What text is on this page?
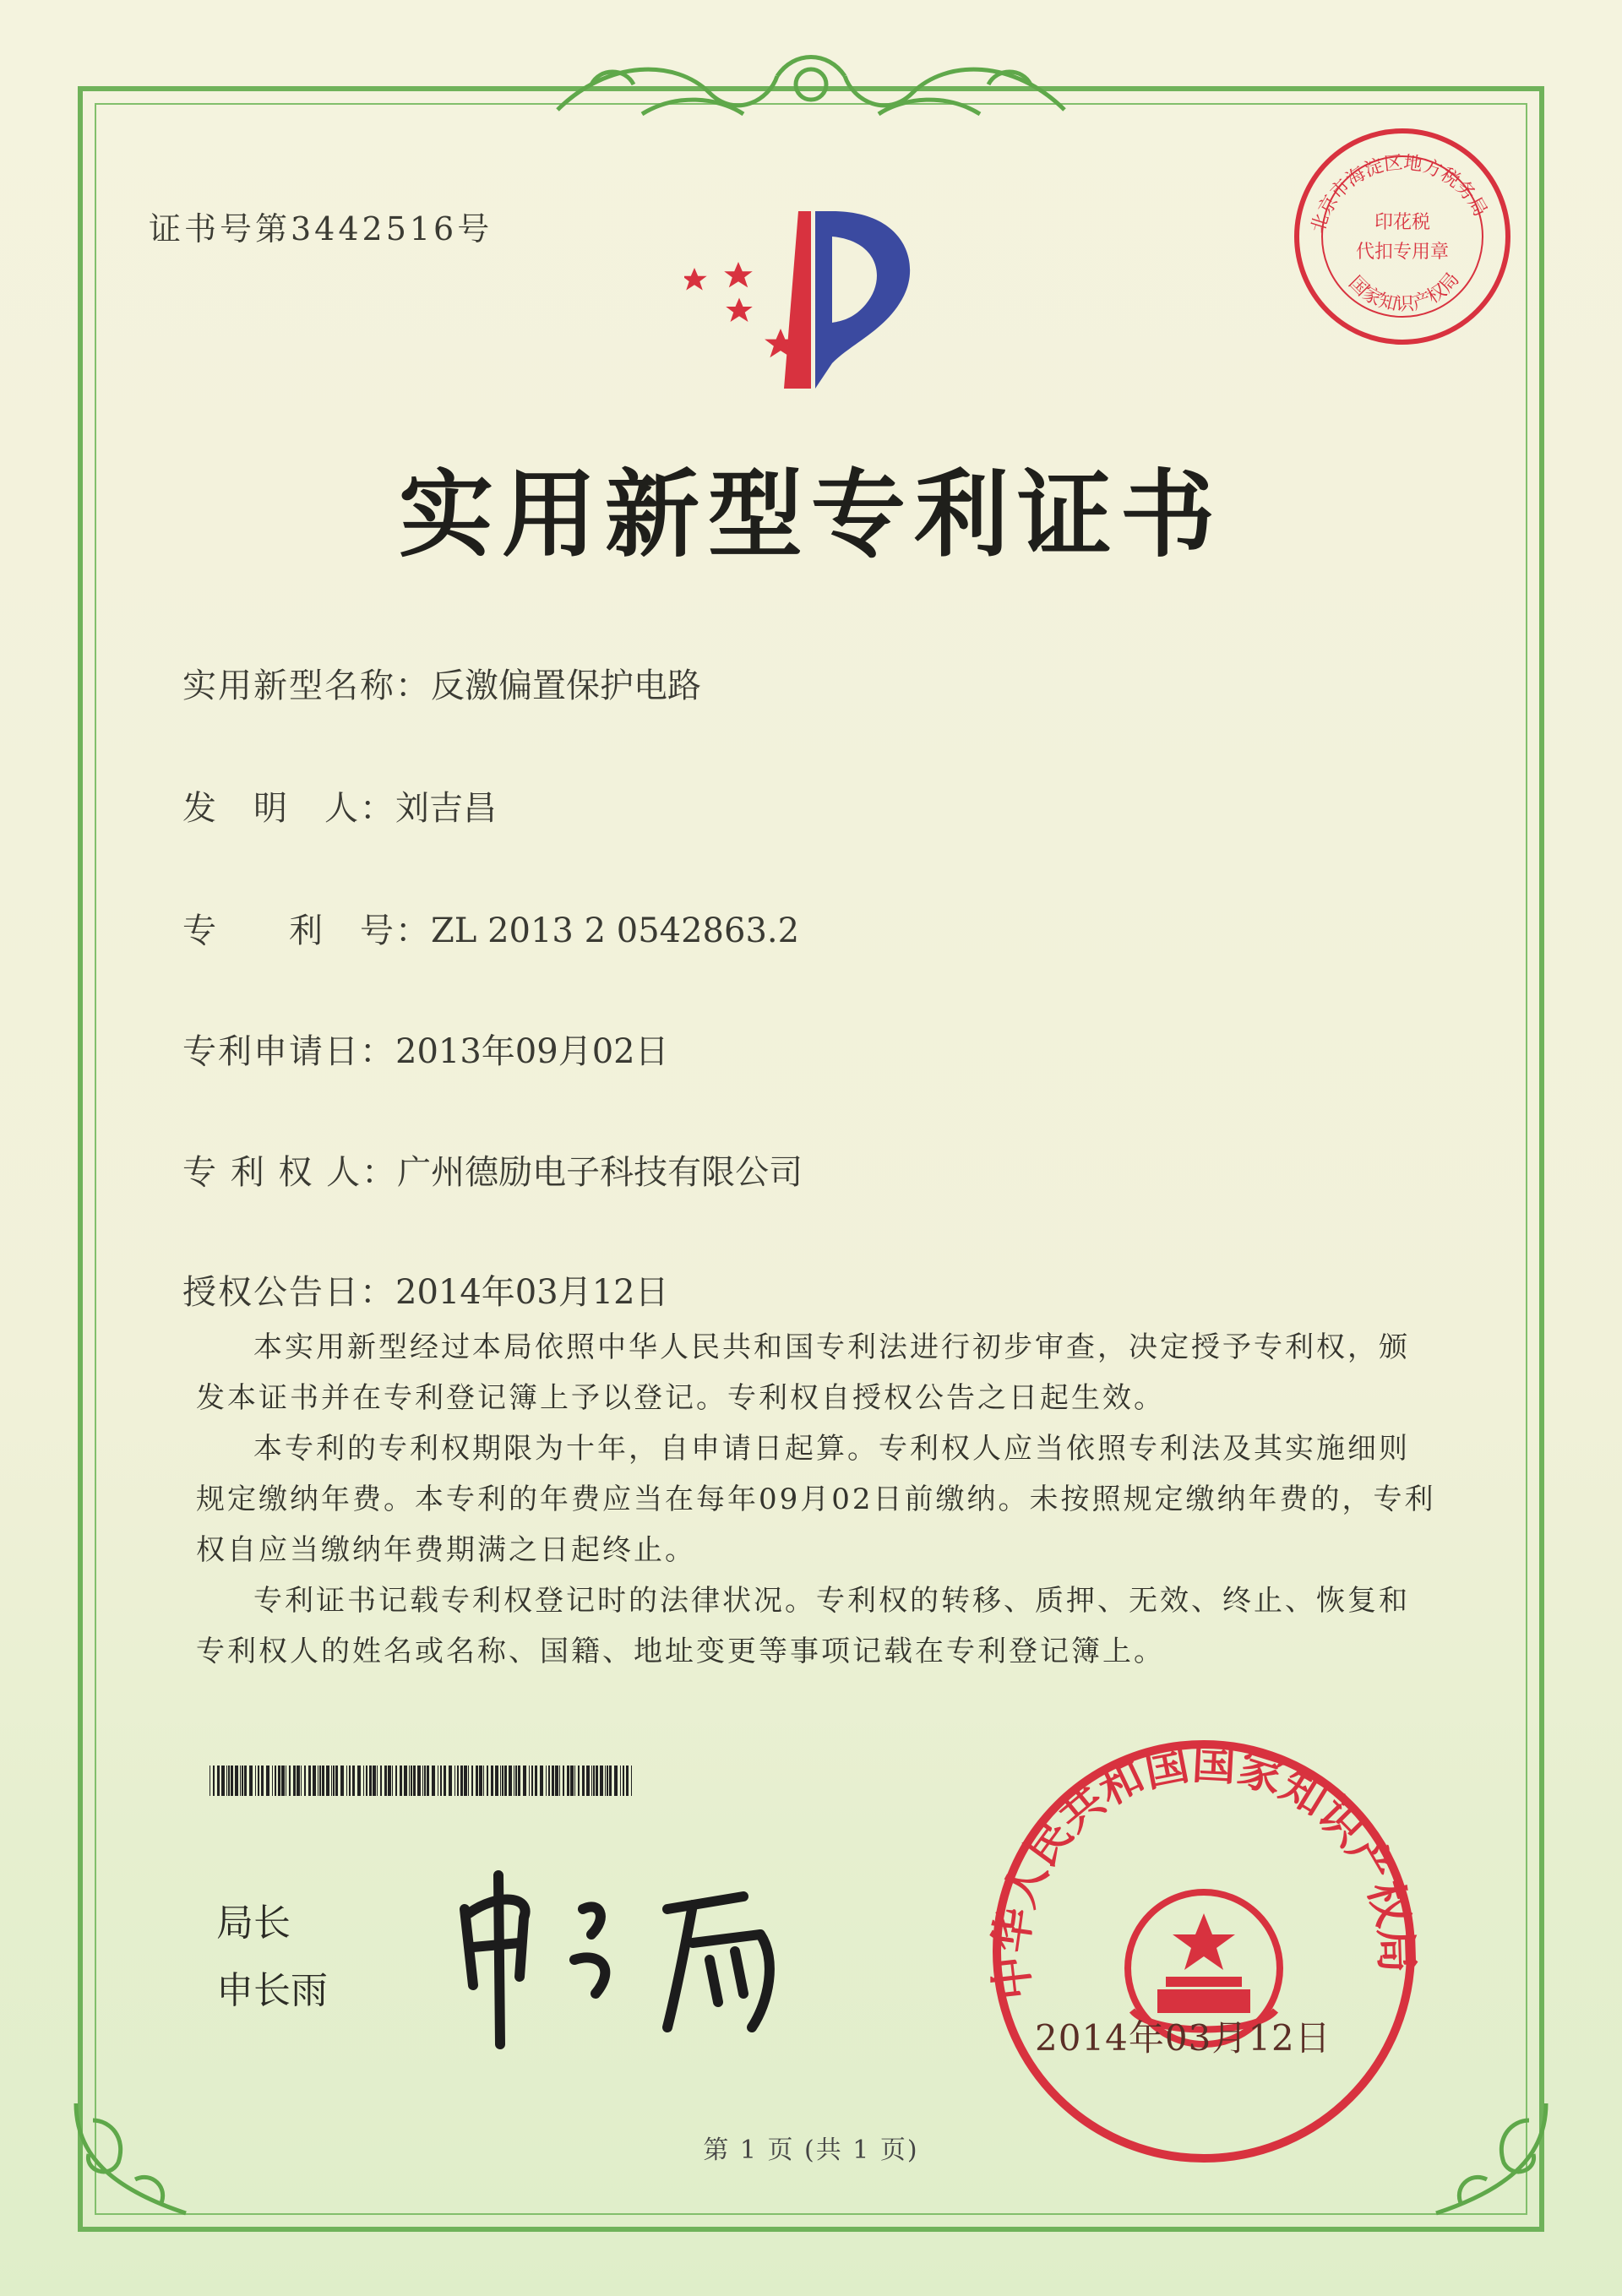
证书号第3442516号	北京市海淀区地方税务局
印花税
代扣专用章
国家知识产权局
实用新型专利证书
实用新型名称：反激偏置保护电路
发　明　人：刘吉昌
专　　利　号：ZL 2013 2 0542863.2
专利申请日：2013年09月02日
专 利 权 人：广州德励电子科技有限公司
授权公告日：2014年03月12日

本实用新型经过本局依照中华人民共和国专利法进行初步审查，决定授予专利权，颁发本证书并在专利登记簿上予以登记。专利权自授权公告之日起生效。

本专利的专利权期限为十年，自申请日起算。专利权人应当依照专利法及其实施细则规定缴纳年费。本专利的年费应当在每年09月02日前缴纳。未按照规定缴纳年费的，专利权自应当缴纳年费期满之日起终止。

专利证书记载专利权登记时的法律状况。专利权的转移、质押、无效、终止、恢复和专利权人的姓名或名称、国籍、地址变更等事项记载在专利登记簿上。

局长
申长雨	中华人民共和国国家知识产权局
2014年03月12日
第 1 页 (共 1 页)
